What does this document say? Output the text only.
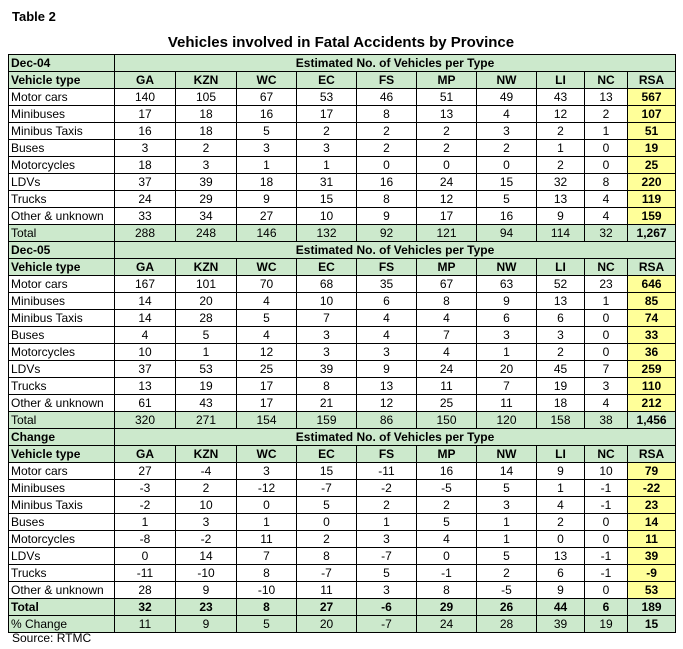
Table 2
Vehicles involved in Fatal Accidents by Province
Dec-04	Estimated No. of Vehicles per Type									
Vehicle type	GA	KZN	WC	EC	FS	MP	NW	LI	NC	RSA
Motor cars	140	105	67	53	46	51	49	43	13	567
Minibuses	17	18	16	17	8	13	4	12	2	107
Minibus Taxis	16	18	5	2	2	2	3	2	1	51
Buses	3	2	3	3	2	2	2	1	0	19
Motorcycles	18	3	1	1	0	0	0	2	0	25
LDVs	37	39	18	31	16	24	15	32	8	220
Trucks	24	29	9	15	8	12	5	13	4	119
Other & unknown	33	34	27	10	9	17	16	9	4	159
Total	288	248	146	132	92	121	94	114	32	1,267
Dec-05	Estimated No. of Vehicles per Type									
Vehicle type	GA	KZN	WC	EC	FS	MP	NW	LI	NC	RSA
Motor cars	167	101	70	68	35	67	63	52	23	646
Minibuses	14	20	4	10	6	8	9	13	1	85
Minibus Taxis	14	28	5	7	4	4	6	6	0	74
Buses	4	5	4	3	4	7	3	3	0	33
Motorcycles	10	1	12	3	3	4	1	2	0	36
LDVs	37	53	25	39	9	24	20	45	7	259
Trucks	13	19	17	8	13	11	7	19	3	110
Other & unknown	61	43	17	21	12	25	11	18	4	212
Total	320	271	154	159	86	150	120	158	38	1,456
Change	Estimated No. of Vehicles per Type									
Vehicle type	GA	KZN	WC	EC	FS	MP	NW	LI	NC	RSA
Motor cars	27	-4	3	15	-11	16	14	9	10	79
Minibuses	-3	2	-12	-7	-2	-5	5	1	-1	-22
Minibus Taxis	-2	10	0	5	2	2	3	4	-1	23
Buses	1	3	1	0	1	5	1	2	0	14
Motorcycles	-8	-2	11	2	3	4	1	0	0	11
LDVs	0	14	7	8	-7	0	5	13	-1	39
Trucks	-11	-10	8	-7	5	-1	2	6	-1	-9
Other & unknown	28	9	-10	11	3	8	-5	9	0	53
Total	32	23	8	27	-6	29	26	44	6	189
% Change	11	9	5	20	-7	24	28	39	19	15
Source: RTMC
